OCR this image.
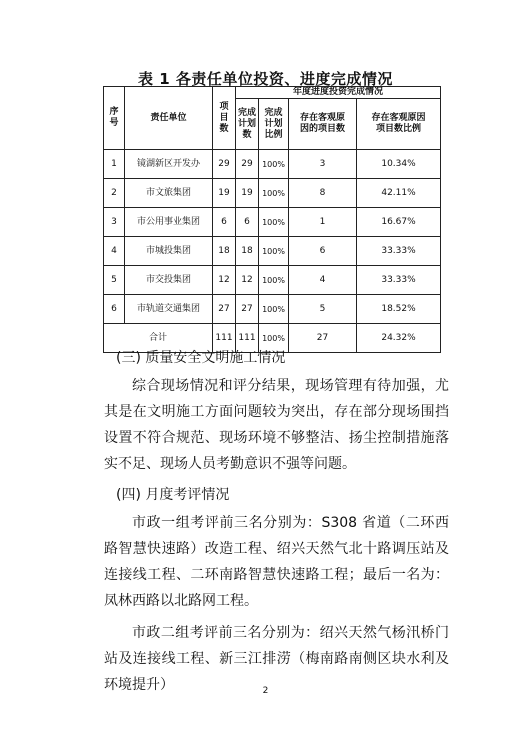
表 1 各责任单位投资、进度完成情况
序号	责任单位	项目数	年度进度投资完成情况			

			完成计划数	完成计划比例	存在客观原因的项目数	存在客观原因项目数比例

1	镜湖新区开发办	29	29	100%	3	10.34%
2	市文旅集团	19	19	100%	8	42.11%
3	市公用事业集团	6	6	100%	1	16.67%
4	市城投集团	18	18	100%	6	33.33%
5	市交投集团	12	12	100%	4	33.33%
6	市轨道交通集团	27	27	100%	5	18.52%
合计		111	111	100%	27	24.32%

(三) 质量安全文明施工情况

综合现场情况和评分结果，现场管理有待加强，尤其是在文明施工方面问题较为突出，存在部分现场围挡设置不符合规范、现场环境不够整洁、扬尘控制措施落实不足、现场人员考勤意识不强等问题。

(四) 月度考评情况

市政一组考评前三名分别为：S308 省道（二环西路智慧快速路）改造工程、绍兴天然气北十路调压站及连接线工程、二环南路智慧快速路工程；最后一名为： 凤林西路以北路网工程。

市政二组考评前三名分别为：绍兴天然气杨汛桥门站及连接线工程、新三江排涝（梅南路南侧区块水利及环境提升）	2
